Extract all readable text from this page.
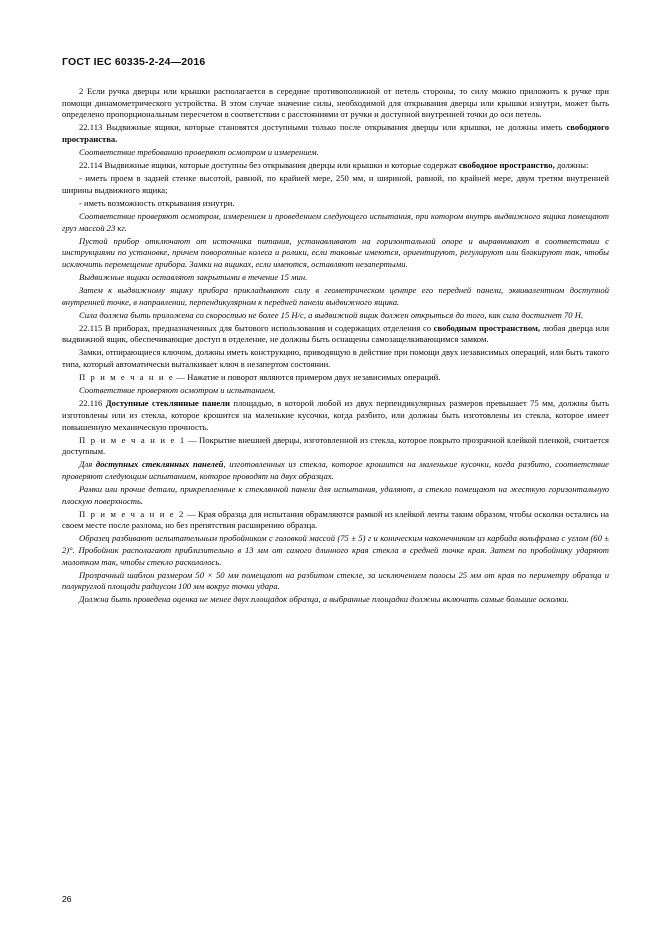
ГОСТ IEC 60335-2-24—2016

2 Если ручка дверцы или крышки располагается в середине противоположной от петель стороны, то силу можно приложить к ручке при помощи динамометрического устройства. В этом случае значение силы, необходимой для открывания дверцы или крышки изнутри, может быть определено пропорциональным пересчетом в соответствии с расстояниями от ручки и доступной внутренней точки до оси петель.

22.113 Выдвижные ящики, которые становятся доступными только после открывания дверцы или крышки, не должны иметь свободного пространства.

Соответствие требованию проверяют осмотром и измерением.

22.114 Выдвижные ящики, которые доступны без открывания дверцы или крышки и которые содержат свободное пространство, должны:

- иметь проем в задней стенке высотой, равной, по крайней мере, 250 мм, и шириной, равной, по крайней мере, двум третям внутренней ширины выдвижного ящика;

- иметь возможность открывания изнутри.

Соответствие проверяют осмотром, измерением и проведением следующего испытания, при котором внутрь выдвижного ящика помещают груз массой 23 кг.

Пустой прибор отключают от источника питания, устанавливают на горизонтальной опоре и выравнивают в соответствии с инструкциями по установке, причем поворотные колеса и ролики, если таковые имеются, ориентируют, регулируют или блокируют так, чтобы исключить перемещение прибора. Замки на ящиках, если имеются, оставляют незапертыми.

Выдвижные ящики оставляют закрытыми в течение 15 мин.

Затем к выдвижному ящику прибора прикладывают силу в геометрическом центре его передней панели, эквивалентном доступной внутренней точке, в направлении, перпендикулярном к передней панели выдвижного ящика.

Сила должна быть приложена со скоростью не более 15 Н/с, а выдвижной ящик должен открыться до того, как сила достигнет 70 Н.

22.115 В приборах, предназначенных для бытового использования и содержащих отделения со свободным пространством, любая дверца или выдвижной ящик, обеспечивающие доступ в отделение, не должны быть оснащены самозащелкивающимся замком.

Замки, отпирающиеся ключом, должны иметь конструкцию, приводящую в действие при помощи двух независимых операций, или быть такого типа, который автоматически выталкивает ключ в незапертом состоянии.

П р и м е ч а н и е — Нажатие и поворот являются примером двух независимых операций.

Соответствие проверяют осмотром и испытанием.

22.116 Доступные стеклянные панели площадью, в которой любой из двух перпендикулярных размеров превышает 75 мм, должны быть изготовлены или из стекла, которое крошится на маленькие кусочки, когда разбито, или должны быть изготовлены из стекла, которое имеет повышенную механическую прочность.

П р и м е ч а н и е 1 — Покрытие внешней дверцы, изготовленной из стекла, которое покрыто прозрачной клейкой пленкой, считается доступным.

Для доступных стеклянных панелей, изготовленных из стекла, которое крошится на маленькие кусочки, когда разбито, соответствие проверяют следующим испытанием, которое проводят на двух образцах.

Рамки или прочие детали, прикрепленные к стеклянной панели для испытания, удаляют, а стекло помещают на жесткую горизонтальную плоскую поверхность.

П р и м е ч а н и е 2 — Края образца для испытания обрамляются рамкой из клейкой ленты таким образом, чтобы осколки остались на своем месте после разлома, но без препятствия расширению образца.

Образец разбивают испытательным пробойником с головкой массой (75 ± 5) г и коническим наконечником из карбида вольфрама с углом (60 ± 2)°. Пробойник располагают приблизительно в 13 мм от самого длинного края стекла в средней точке края. Затем по пробойнику ударяют молотком так, чтобы стекло раскололось.

Прозрачный шаблон размером 50 × 50 мм помещают на разбитом стекле, за исключением полосы 25 мм от края по периметру образца и полукруглой площади радиусом 100 мм вокруг точки удара.

Должна быть проведена оценка не менее двух площадок образца, а выбранные площадки должны включать самые большие осколки.

26
